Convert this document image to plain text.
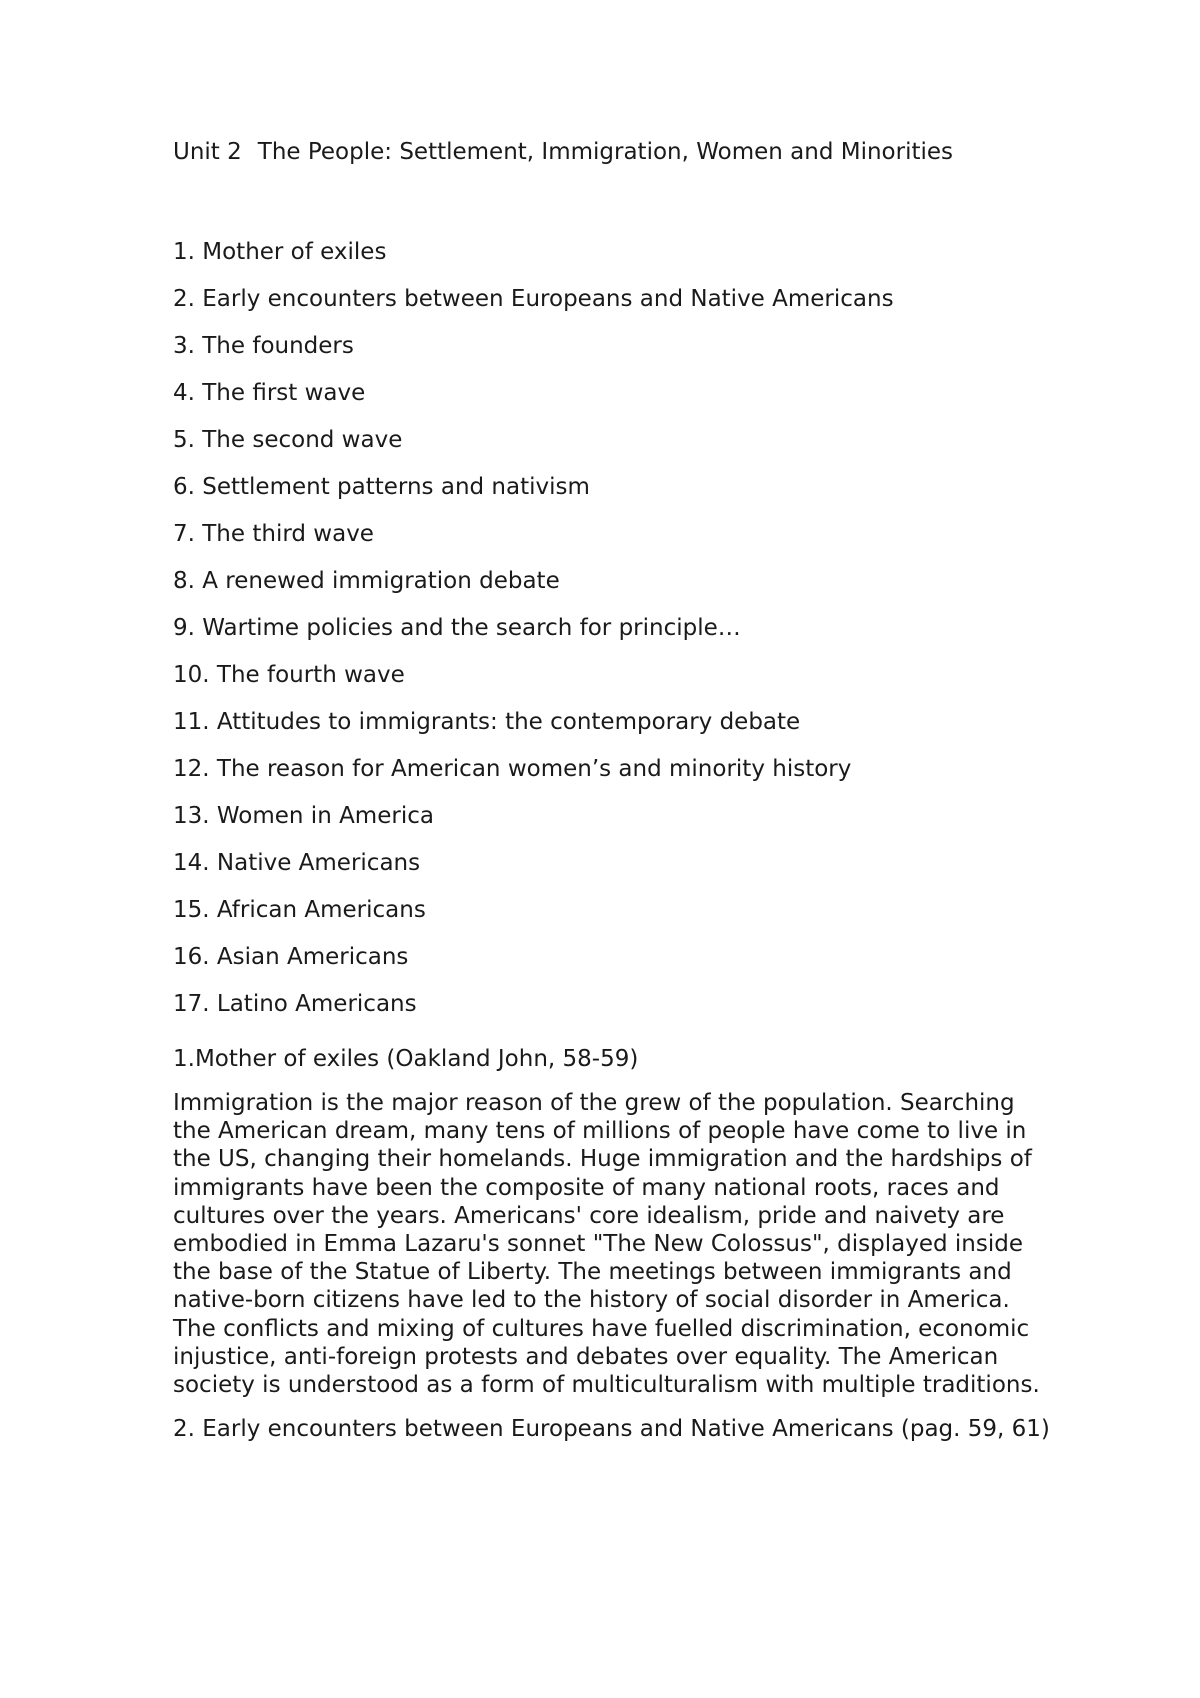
Unit 2 The People: Settlement, Immigration, Women and Minorities
1. Mother of exiles
2. Early encounters between Europeans and Native Americans
3. The founders
4. The first wave
5. The second wave
6. Settlement patterns and nativism
7. The third wave
8. A renewed immigration debate
9. Wartime policies and the search for principle…
10. The fourth wave
11. Attitudes to immigrants: the contemporary debate
12. The reason for American women’s and minority history
13. Women in America
14. Native Americans
15. African Americans
16. Asian Americans
17. Latino Americans
1.Mother of exiles (Oakland John, 58-59)

Immigration is the major reason of the grew of the population. Searching the American dream, many tens of millions of people have come to live in the US, changing their homelands. Huge immigration and the hardships of immigrants have been the composite of many national roots, races and cultures over the years. Americans' core idealism, pride and naivety are embodied in Emma Lazaru's sonnet "The New Colossus", displayed inside the base of the Statue of Liberty. The meetings between immigrants and native-born citizens have led to the history of social disorder in America. The conflicts and mixing of cultures have fuelled discrimination, economic injustice, anti-foreign protests and debates over equality. The American society is understood as a form of multiculturalism with multiple traditions.

2. Early encounters between Europeans and Native Americans (pag. 59, 61)
